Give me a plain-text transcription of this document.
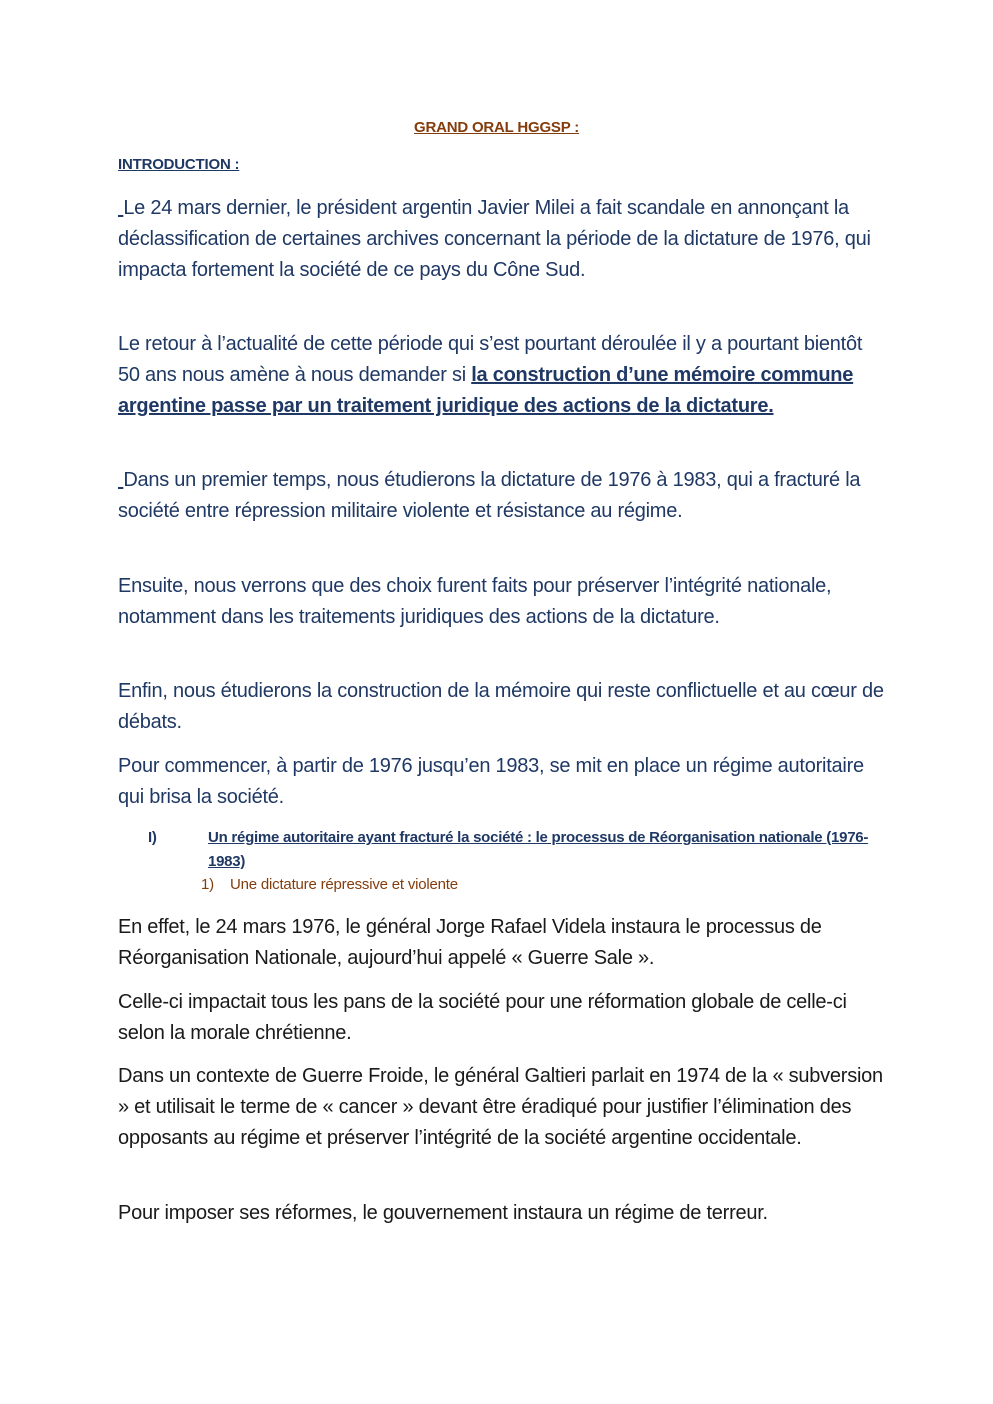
GRAND ORAL HGGSP :
INTRODUCTION :

Le 24 mars dernier, le président argentin Javier Milei a fait scandale en annonçant la déclassification de certaines archives concernant la période de la dictature de 1976, qui impacta fortement la société de ce pays du Cône Sud.

Le retour à l’actualité de cette période qui s’est pourtant déroulée il y a pourtant bientôt 50 ans nous amène à nous demander si la construction d’une mémoire commune argentine passe par un traitement juridique des actions de la dictature.

Dans un premier temps, nous étudierons la dictature de 1976 à 1983, qui a fracturé la société entre répression militaire violente et résistance au régime.

Ensuite, nous verrons que des choix furent faits pour préserver l’intégrité nationale, notamment dans les traitements juridiques des actions de la dictature.

Enfin, nous étudierons la construction de la mémoire qui reste conflictuelle et au cœur de débats.

Pour commencer, à partir de 1976 jusqu’en 1983, se mit en place un régime autoritaire qui brisa la société.

I)	Un régime autoritaire ayant fracturé la société : le processus de Réorganisation nationale (1976-1983)
1) Une dictature répressive et violente

En effet, le 24 mars 1976, le général Jorge Rafael Videla instaura le processus de Réorganisation Nationale, aujourd’hui appelé « Guerre Sale ».

Celle-ci impactait tous les pans de la société pour une réformation globale de celle-ci selon la morale chrétienne.

Dans un contexte de Guerre Froide, le général Galtieri parlait en 1974 de la « subversion » et utilisait le terme de « cancer » devant être éradiqué pour justifier l’élimination des opposants au régime et préserver l’intégrité de la société argentine occidentale.

Pour imposer ses réformes, le gouvernement instaura un régime de terreur.
